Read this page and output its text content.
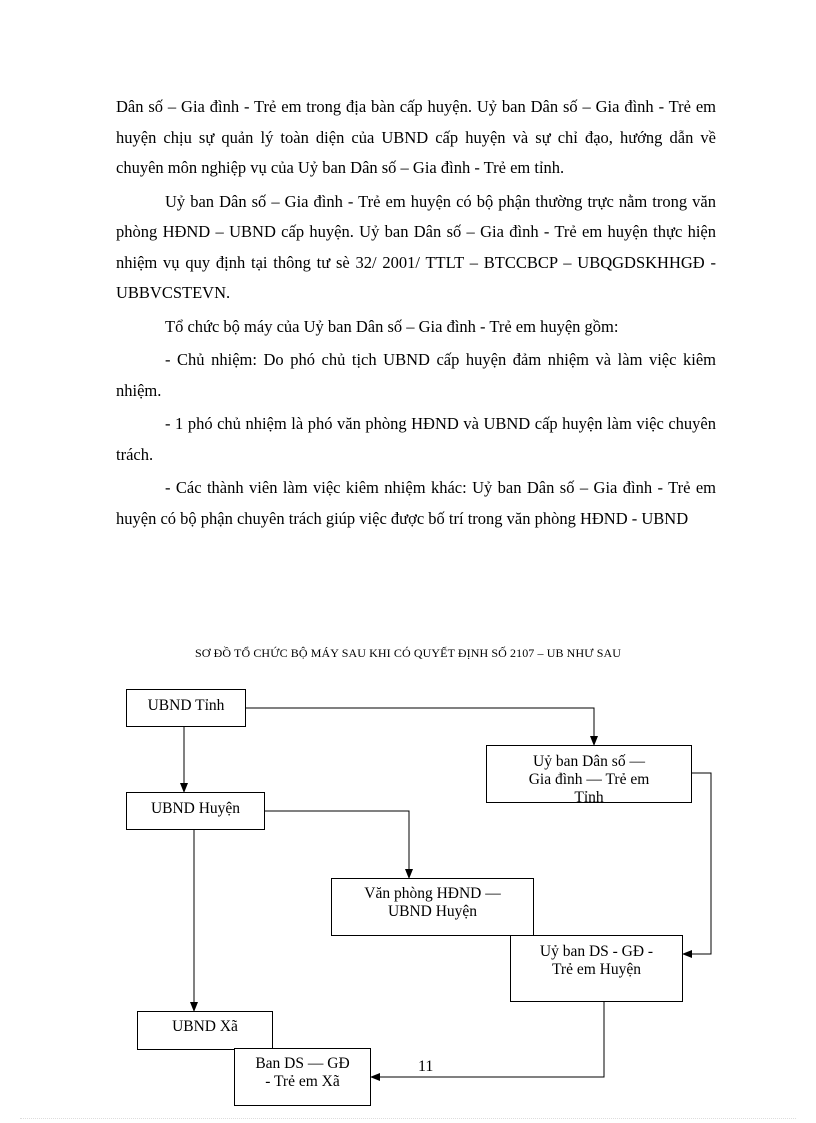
Dân số – Gia đình - Trẻ em trong địa bàn cấp huyện. Uỷ ban Dân số – Gia đình - Trẻ em huyện chịu sự quản lý toàn diện của UBND cấp huyện và sự chỉ đạo, hướng dẫn về chuyên môn nghiệp vụ của Uỷ ban Dân số – Gia đình - Trẻ em tỉnh.

Uỷ ban Dân số – Gia đình - Trẻ em huyện có bộ phận thường trực nằm trong văn phòng HĐND – UBND cấp huyện. Uỷ ban Dân số – Gia đình - Trẻ em huyện thực hiện nhiệm vụ quy định tại thông tư sè 32/ 2001/ TTLT – BTCCBCP – UBQGDSKHHGĐ - UBBVCSTEVN.

Tổ chức bộ máy của Uỷ ban Dân số – Gia đình - Trẻ em huyện gồm:

- Chủ nhiệm: Do phó chủ tịch UBND cấp huyện đảm nhiệm và làm việc kiêm nhiệm.

- 1 phó chủ nhiệm là phó văn phòng HĐND và UBND cấp huyện làm việc chuyên trách.

- Các thành viên làm việc kiêm nhiệm khác: Uỷ ban Dân số – Gia đình - Trẻ em huyện có bộ phận chuyên trách giúp việc được bố trí trong văn phòng HĐND - UBND

SƠ ĐỒ TỔ CHỨC BỘ MÁY SAU KHI CÓ QUYẾT ĐỊNH SỐ 2107 – UB NHƯ SAU
UBND Tỉnh
Uỷ ban Dân số —
Gia đình — Trẻ em
Tỉnh
UBND Huyện
Văn phòng HĐND —
UBND Huyện
Uỷ ban DS - GĐ -
Trẻ em Huyện
UBND Xã
Ban DS — GĐ
- Trẻ em Xã
11
